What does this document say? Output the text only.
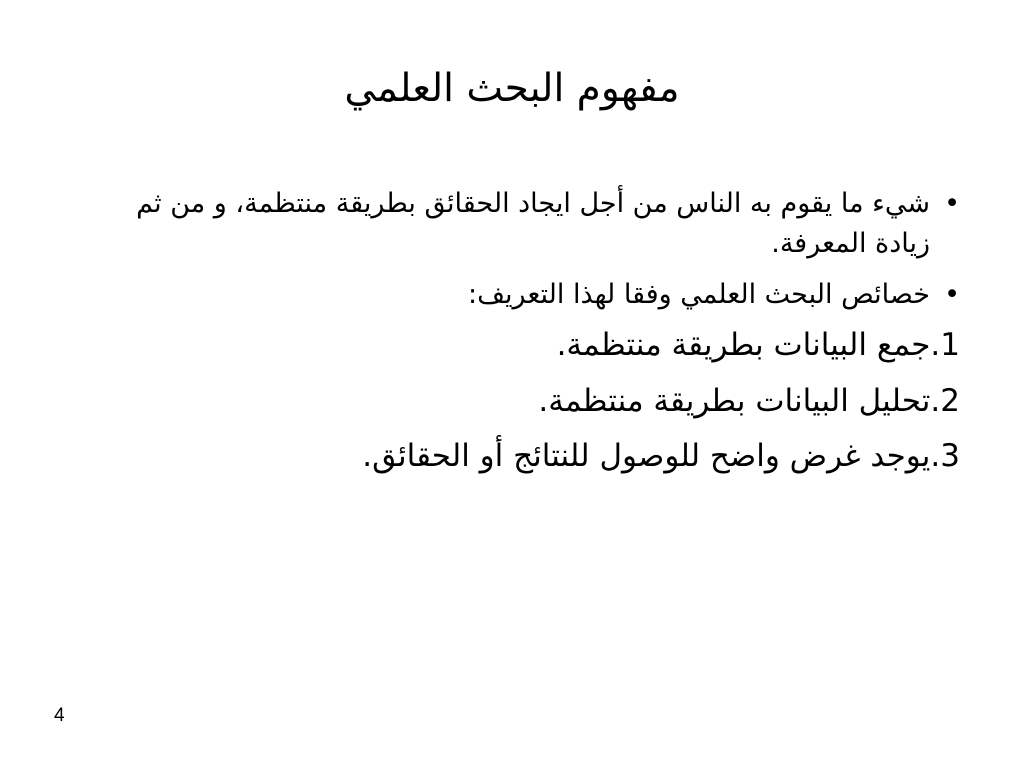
مفهوم البحث العلمي
•
شيء ما يقوم به الناس من أجل ايجاد الحقائق بطريقة منتظمة، و من ثم زيادة المعرفة.
•
خصائص البحث العلمي وفقا لهذا التعريف:
1.جمع البيانات بطريقة منتظمة.
2.تحليل البيانات بطريقة منتظمة.
3.يوجد غرض واضح للوصول للنتائج أو الحقائق.
4
